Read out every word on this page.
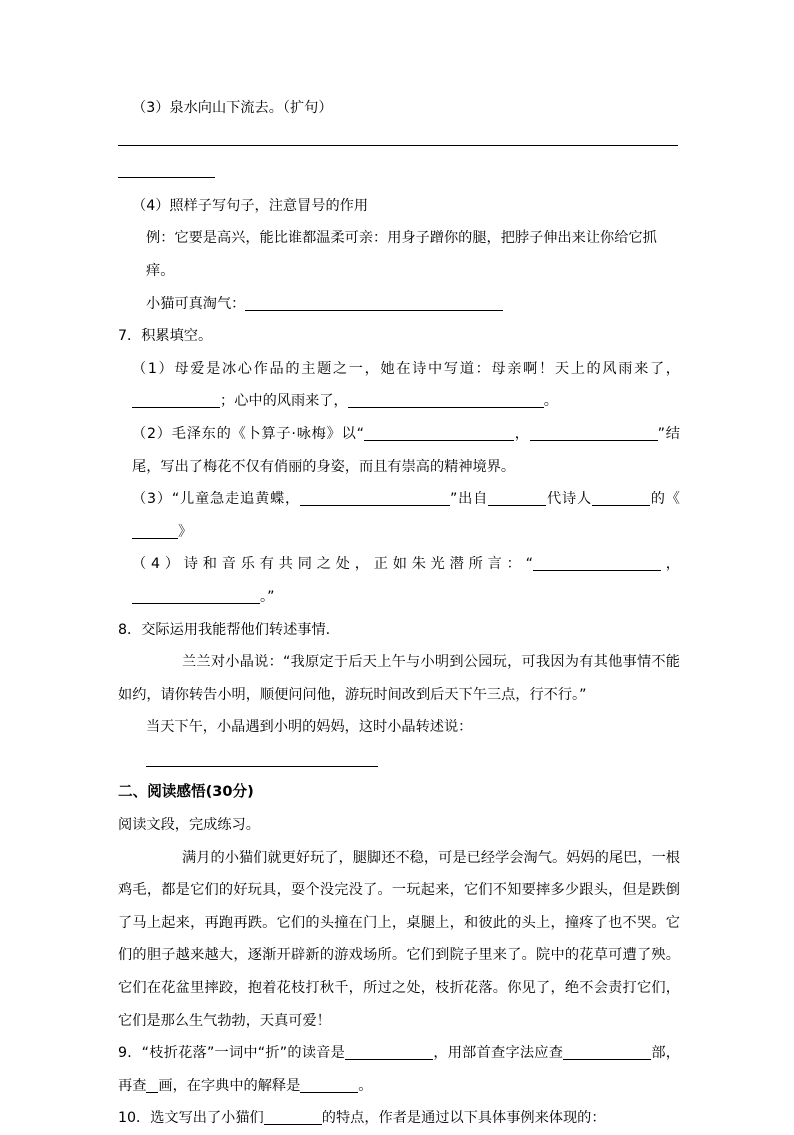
（3）泉水向山下流去。（扩句）
（4）照样子写句子，注意冒号的作用
例：它要是高兴，能比谁都温柔可亲：用身子蹭你的腿，把脖子伸出来让你给它抓痒。
小猫可真淘气：
7．积累填空。
（1）母爱是冰心作品的主题之一，她在诗中写道：母亲啊！天上的风雨来了，；心中的风雨来了，	。
（2）毛泽东的《卜算子·咏梅》以“	，	”结尾，写出了梅花不仅有俏丽的身姿，而且有崇高的精神境界。
（3）“儿童急走追黄蝶，	”出自	代诗人	的《》
（4）诗和音乐有共同之处，正如朱光潜所言：“	，。”
8．交际运用我能帮他们转述事情.
兰兰对小晶说：“我原定于后天上午与小明到公园玩，可我因为有其他事情不能如约，请你转告小明，顺便问问他，游玩时间改到后天下午三点，行不行。”
当天下午，小晶遇到小明的妈妈，这时小晶转述说：
二、阅读感悟(30分)
阅读文段，完成练习。
满月的小猫们就更好玩了，腿脚还不稳，可是已经学会淘气。妈妈的尾巴，一根鸡毛，都是它们的好玩具，耍个没完没了。一玩起来，它们不知要摔多少跟头，但是跌倒了马上起来，再跑再跌。它们的头撞在门上，桌腿上，和彼此的头上，撞疼了也不哭。它们的胆子越来越大，逐渐开辟新的游戏场所。它们到院子里来了。院中的花草可遭了殃。它们在花盆里摔跤，抱着花枝打秋千，所过之处，枝折花落。你见了，绝不会责打它们，它们是那么生气勃勃，天真可爱！
9．“枝折花落”一词中“折”的读音是	，用部首查字法应查	部，再查 画，在字典中的解释是	。
10．选文写出了小猫们	的特点，作者是通过以下具体事例来体现的：
